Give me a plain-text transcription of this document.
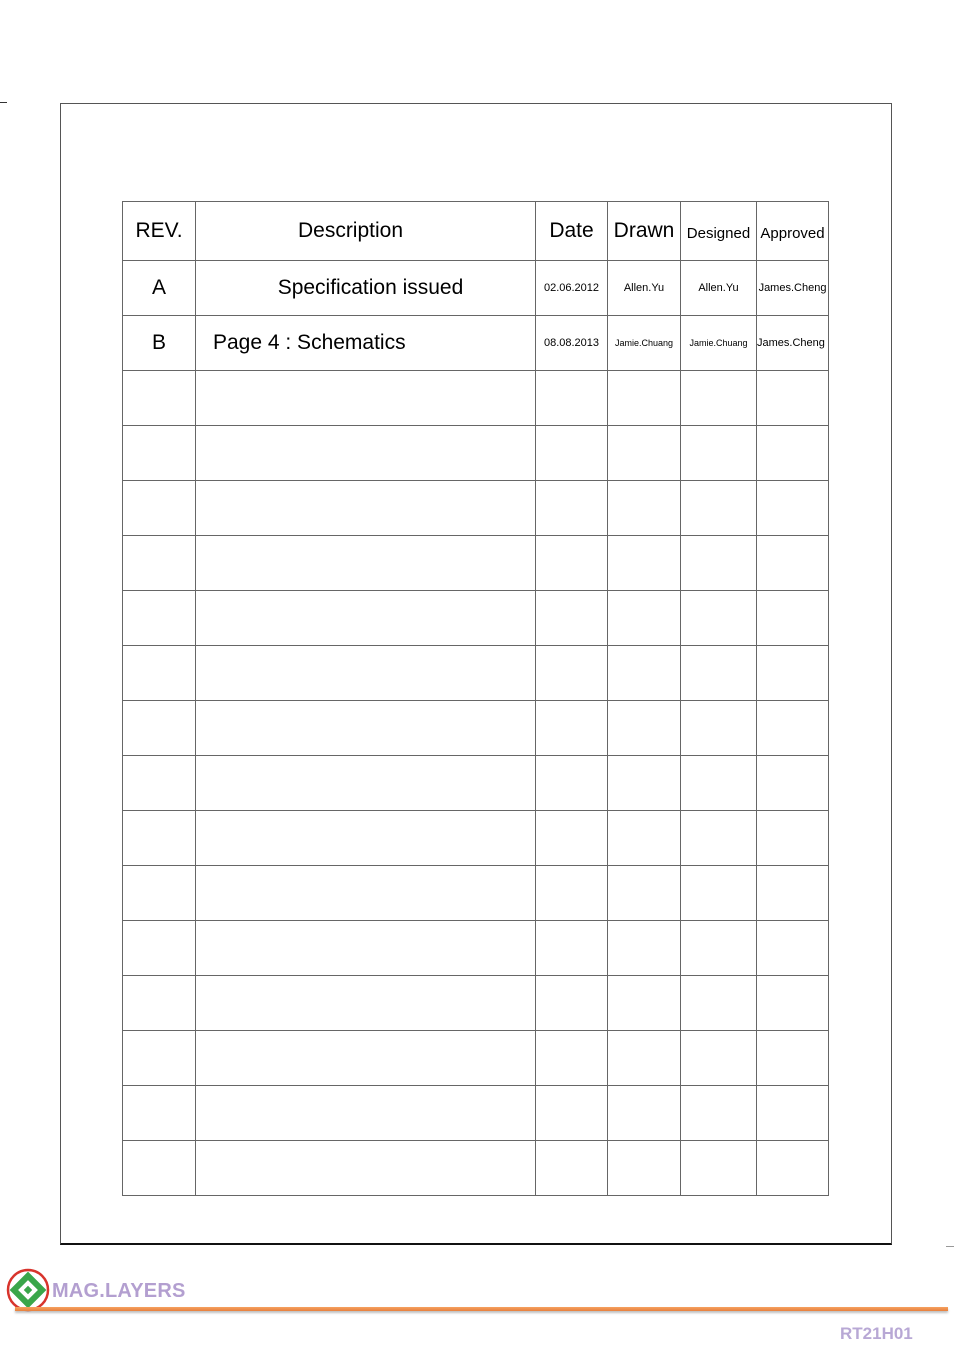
REV.	Description	Date	Drawn	Designed	Approved
A	Specification issued	02.06.2012	Allen.Yu	Allen.Yu	James.Cheng
B	Page 4 : Schematics	08.08.2013	Jamie.Chuang	Jamie.Chuang	James.Cheng

MAG.LAYERS
RT21H01
